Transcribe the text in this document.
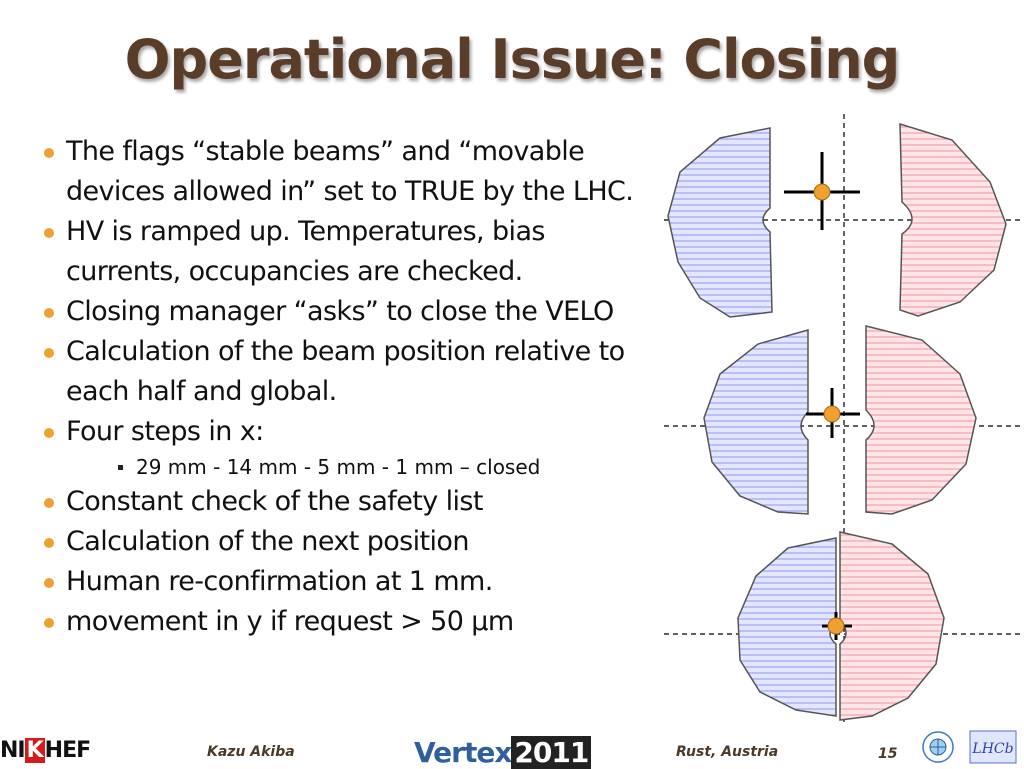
Operational Issue: Closing
The flags “stable beams” and “movable devices allowed in” set to TRUE by the LHC.
HV is ramped up. Temperatures, bias currents, occupancies are checked.
Closing manager “asks” to close the VELO
Calculation of the beam position relative to each half and global.
Four steps in x:
29 mm - 14 mm - 5 mm - 1 mm – closed
Constant check of the safety list
Calculation of the next position
Human re-confirmation at 1 mm.
movement in y if request > 50 μm
NIKHEF	Kazu Akiba	Vertex 2011	Rust, Austria	15	LHCb
